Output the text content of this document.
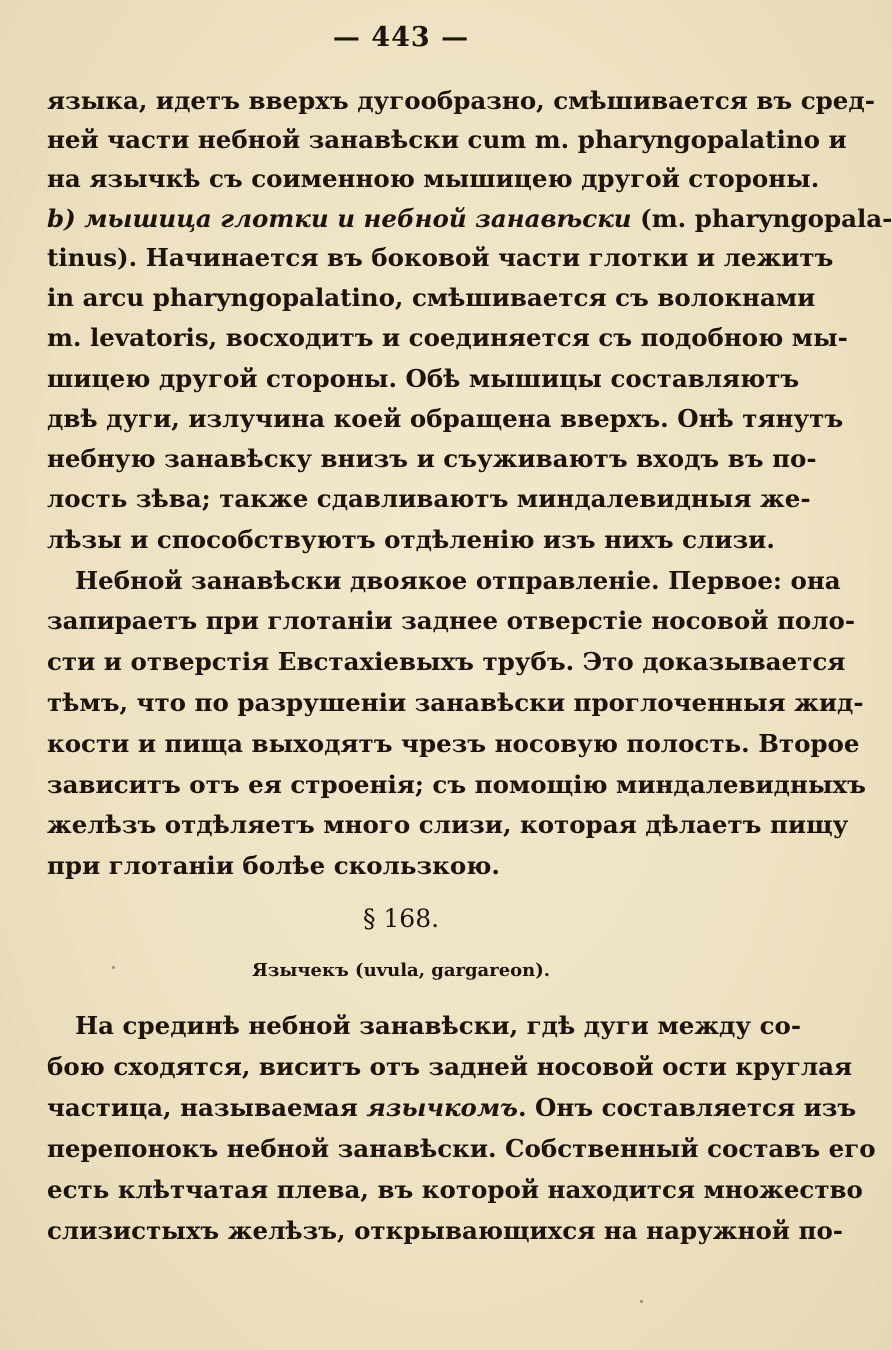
— 443 —
языка, идетъ вверхъ дугообразно, смѣшивается въ сред-
ней части небной занавѣски cum m. pharyngopalatino и
на язычкѣ съ соименною мышицею другой стороны.
b) мышица глотки и небной занавѣски (m. pharyngopala-
tinus). Начинается въ боковой части глотки и лежитъ
in arcu pharyngopalatino, смѣшивается съ волокнами
m. levatoris, восходитъ и соединяется съ подобною мы-
шицею другой стороны. Обѣ мышицы составляютъ
двѣ дуги, излучина коей обращена вверхъ. Онѣ тянутъ
небную занавѣску внизъ и съуживаютъ входъ въ по-
лость зѣва; также сдавливаютъ миндалевидныя же-
лѣзы и способствуютъ отдѣленію изъ нихъ слизи.
Небной занавѣски двоякое отправленіе. Первое: она
запираетъ при глотаніи заднее отверстіе носовой поло-
сти и отверстія Евстахіевыхъ трубъ. Это доказывается
тѣмъ, что по разрушеніи занавѣски проглоченныя жид-
кости и пища выходятъ чрезъ носовую полость. Второе
зависитъ отъ ея строенія; съ помощію миндалевидныхъ
желѣзъ отдѣляетъ много слизи, которая дѣлаетъ пищу
при глотаніи болѣе скользкою.
§ 168.
Язычекъ (uvula, gargareon).
На срединѣ небной занавѣски, гдѣ дуги между со-
бою сходятся, виситъ отъ задней носовой ости круглая
частица, называемая язычкомъ. Онъ составляется изъ
перепонокъ небной занавѣски. Собственный составъ его
есть клѣтчатая плева, въ которой находится множество
слизистыхъ желѣзъ, открывающихся на наружной по-
